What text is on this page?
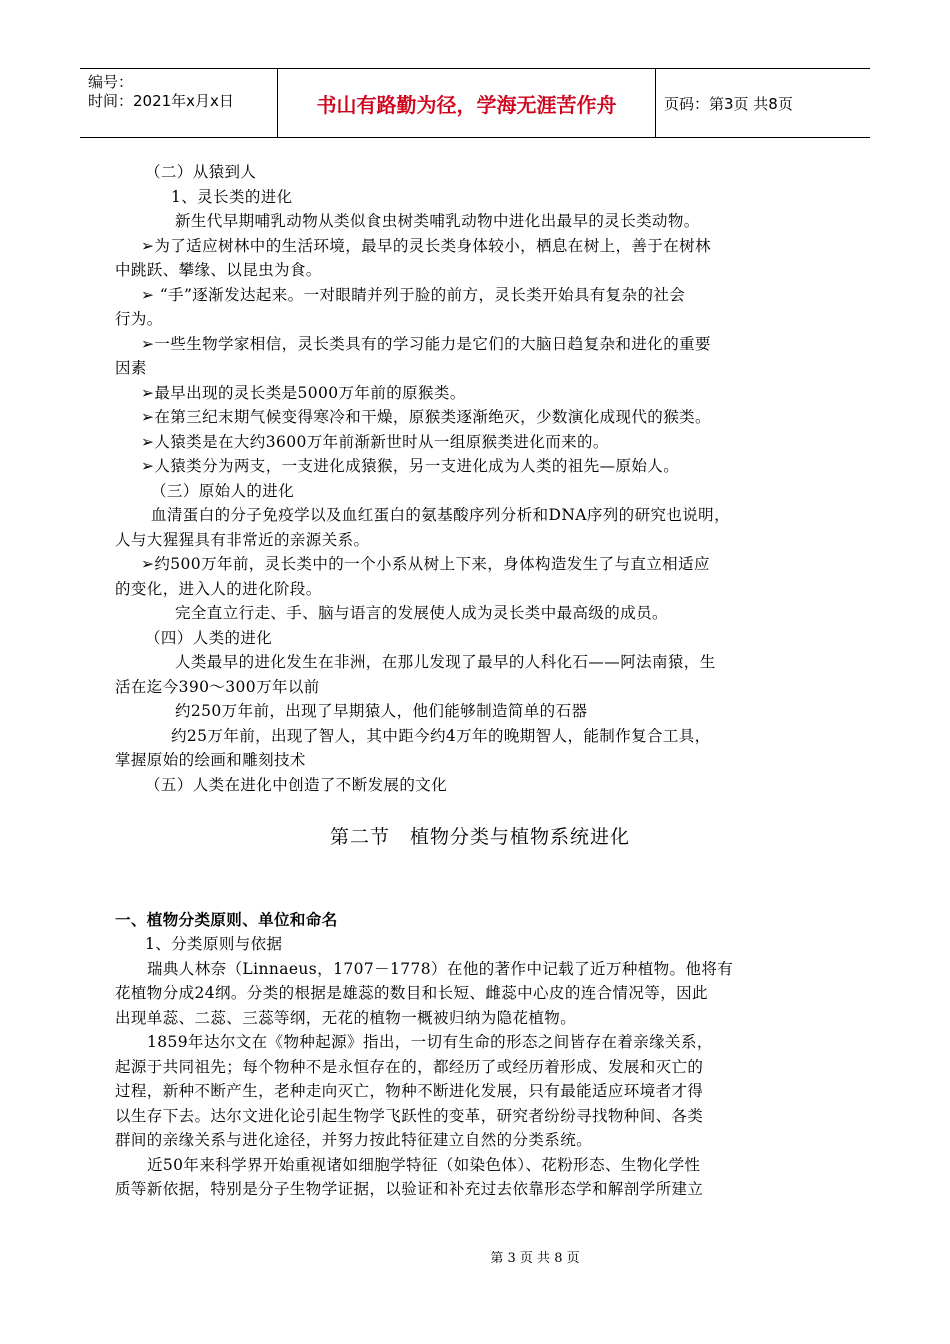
编号：
时间：2021年x月x日	书山有路勤为径，学海无涯苦作舟	页码：第3页 共8页

（二）从猿到人

1、灵长类的进化

新生代早期哺乳动物从类似食虫树类哺乳动物中进化出最早的灵长类动物。

➢为了适应树林中的生活环境，最早的灵长类身体较小，栖息在树上，善于在树林

中跳跃、攀缘、以昆虫为食。

➢ “手”逐渐发达起来。一对眼睛并列于脸的前方，灵长类开始具有复杂的社会

行为。

➢一些生物学家相信，灵长类具有的学习能力是它们的大脑日趋复杂和进化的重要

因素

➢最早出现的灵长类是5000万年前的原猴类。

➢在第三纪末期气候变得寒冷和干燥，原猴类逐渐绝灭，少数演化成现代的猴类。

➢人猿类是在大约3600万年前渐新世时从一组原猴类进化而来的。

➢人猿类分为两支，一支进化成猿猴，另一支进化成为人类的祖先—原始人。

（三）原始人的进化

血清蛋白的分子免疫学以及血红蛋白的氨基酸序列分析和DNA序列的研究也说明，

人与大猩猩具有非常近的亲源关系。

➢约500万年前，灵长类中的一个小系从树上下来，身体构造发生了与直立相适应

的变化，进入人的进化阶段。

完全直立行走、手、脑与语言的发展使人成为灵长类中最高级的成员。

（四）人类的进化

人类最早的进化发生在非洲，在那儿发现了最早的人科化石——阿法南猿，生

活在迄今390～300万年以前

约250万年前，出现了早期猿人，他们能够制造简单的石器

约25万年前，出现了智人，其中距今约4万年的晚期智人，能制作复合工具，

掌握原始的绘画和雕刻技术

（五）人类在进化中创造了不断发展的文化

第二节　植物分类与植物系统进化

一、植物分类原则、单位和命名

1、分类原则与依据

瑞典人林奈（Linnaeus，1707－1778）在他的著作中记载了近万种植物。他将有

花植物分成24纲。分类的根据是雄蕊的数目和长短、雌蕊中心皮的连合情况等，因此

出现单蕊、二蕊、三蕊等纲，无花的植物一概被归纳为隐花植物。

1859年达尔文在《物种起源》指出，一切有生命的形态之间皆存在着亲缘关系，

起源于共同祖先；每个物种不是永恒存在的，都经历了或经历着形成、发展和灭亡的

过程，新种不断产生，老种走向灭亡，物种不断进化发展，只有最能适应环境者才得

以生存下去。达尔文进化论引起生物学飞跃性的变革，研究者纷纷寻找物种间、各类

群间的亲缘关系与进化途径，并努力按此特征建立自然的分类系统。

近50年来科学界开始重视诸如细胞学特征（如染色体）、花粉形态、生物化学性

质等新依据，特别是分子生物学证据，以验证和补充过去依靠形态学和解剖学所建立

第 3 页 共 8 页
